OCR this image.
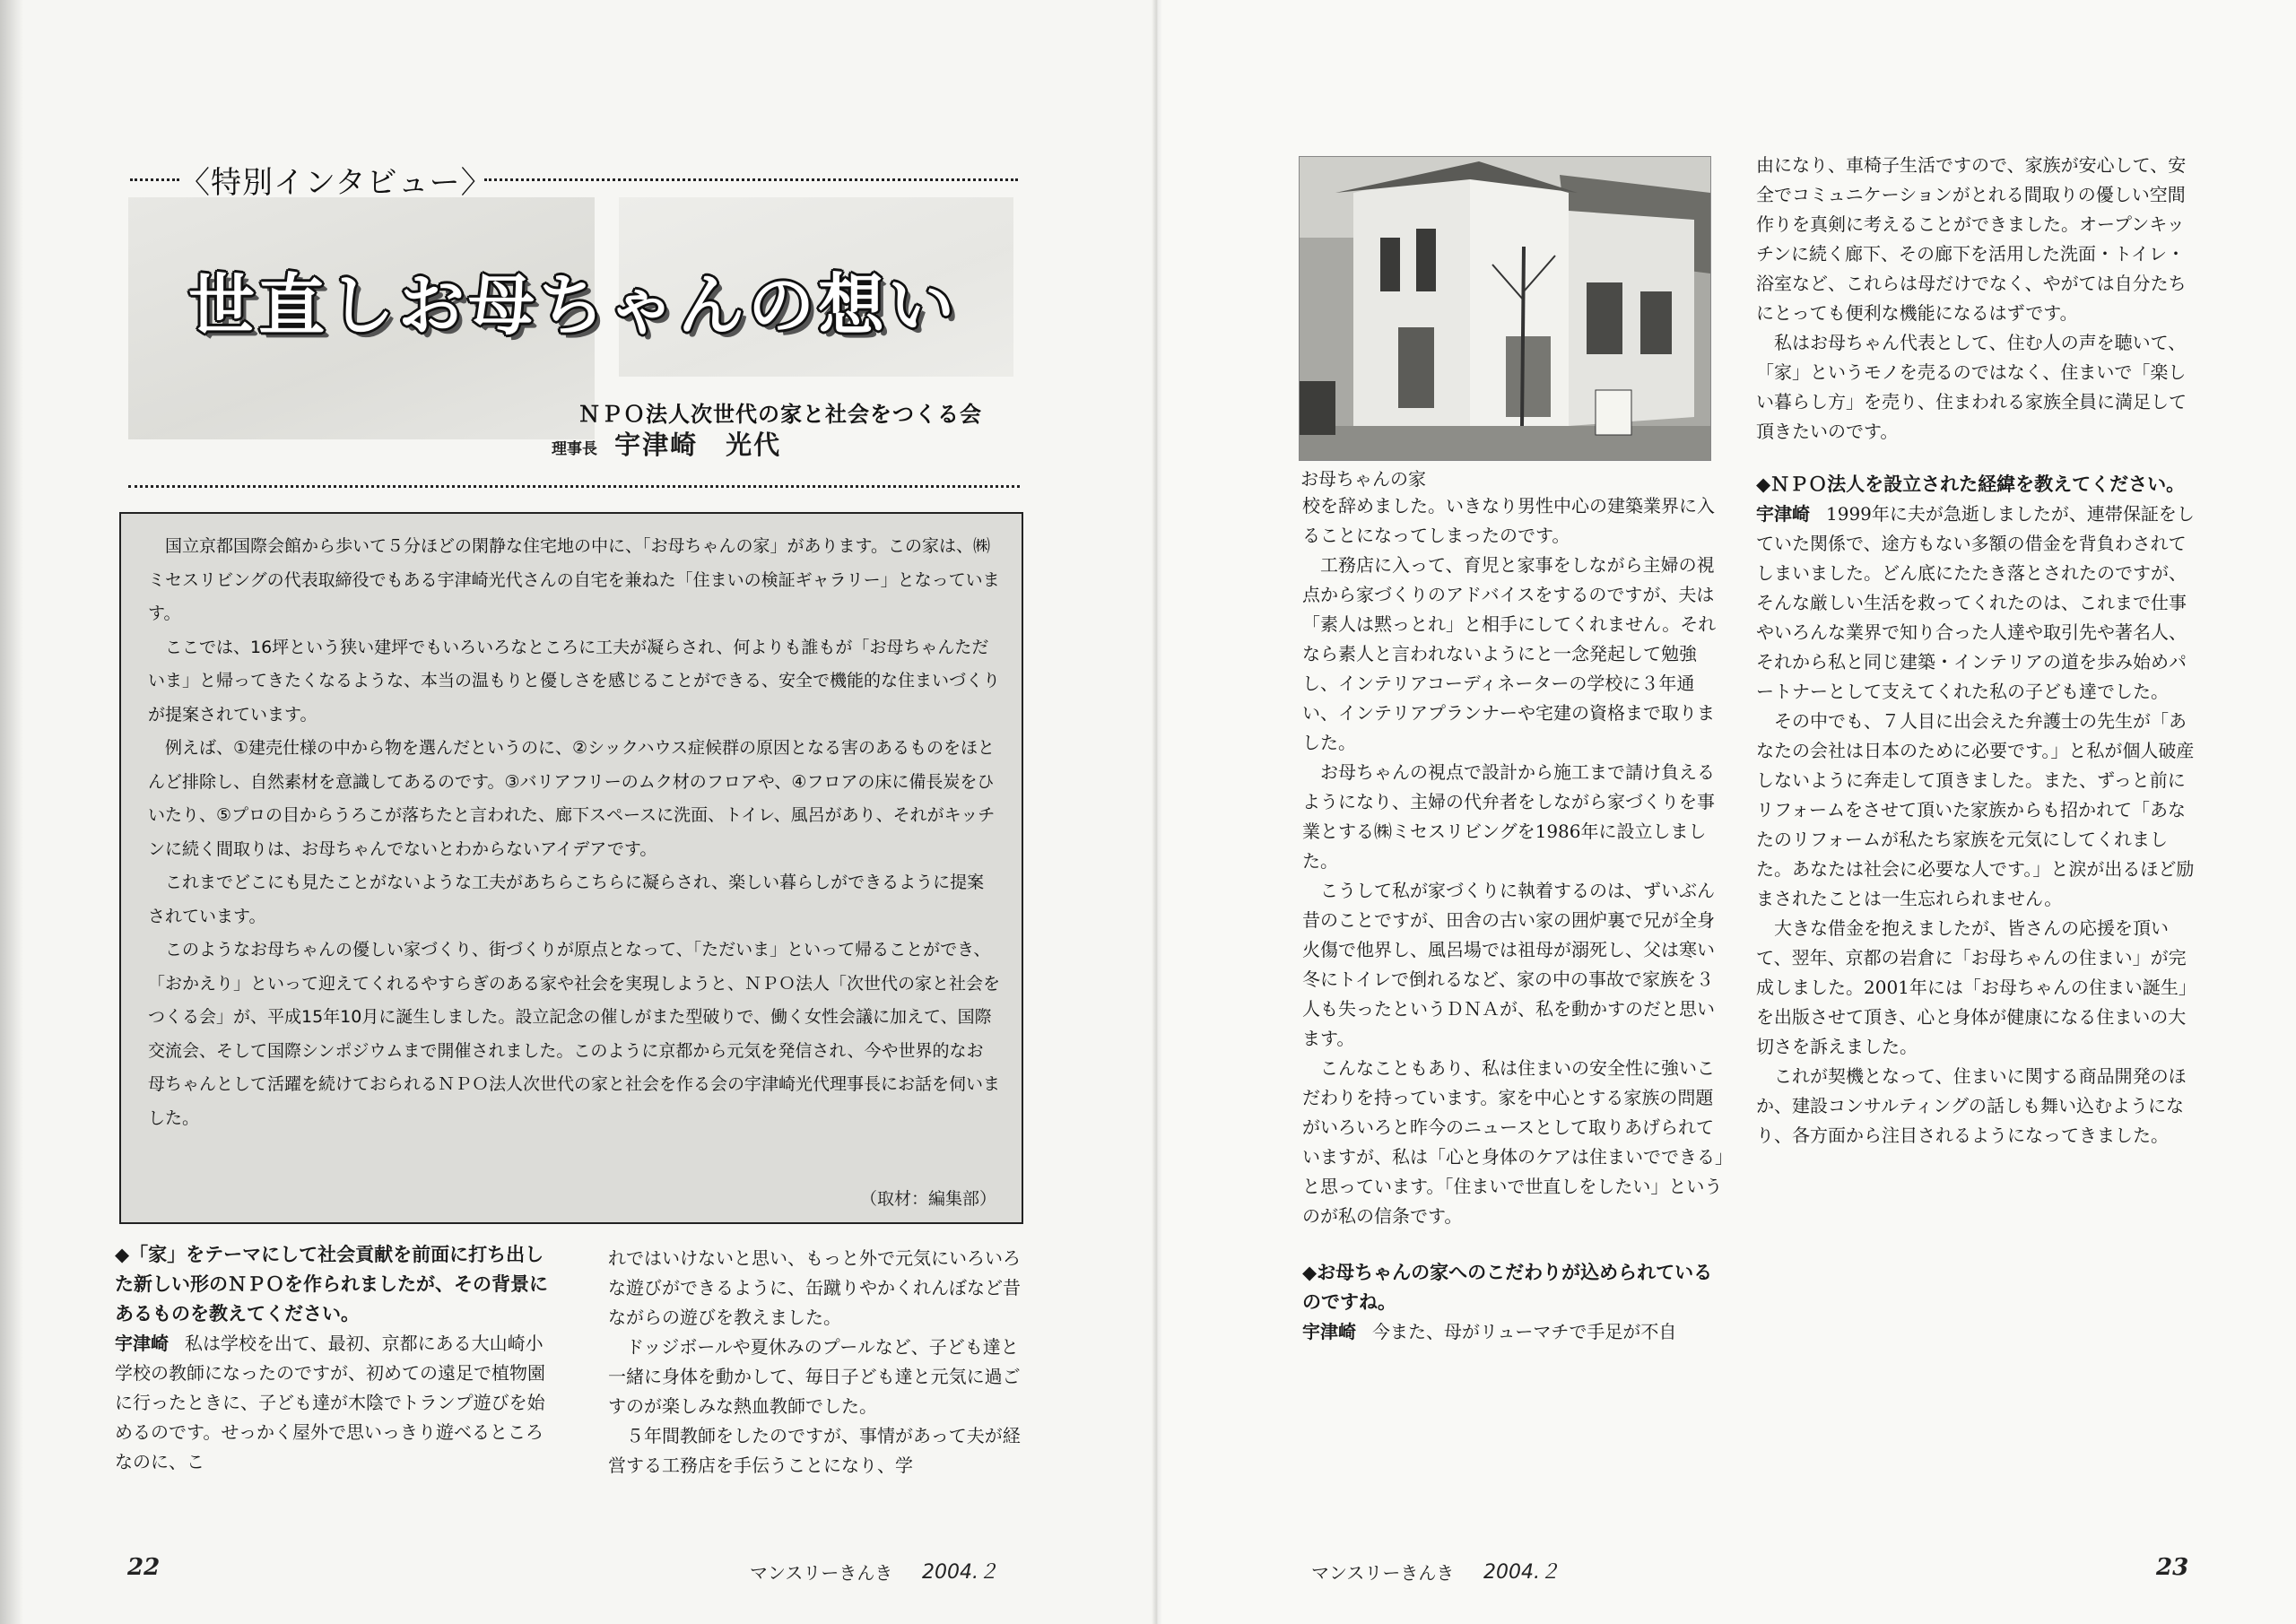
〈特別インタビュー〉
世直しお母ちゃんの想い
ＮＰＯ法人次世代の家と社会をつくる会
理事長 宇津崎　光代

国立京都国際会館から歩いて５分ほどの閑静な住宅地の中に、「お母ちゃんの家」があります。この家は、㈱ミセスリビングの代表取締役でもある宇津崎光代さんの自宅を兼ねた「住まいの検証ギャラリー」となっています。

ここでは、16坪という狭い建坪でもいろいろなところに工夫が凝らされ、何よりも誰もが「お母ちゃんただいま」と帰ってきたくなるような、本当の温もりと優しさを感じることができる、安全で機能的な住まいづくりが提案されています。

例えば、①建売仕様の中から物を選んだというのに、②シックハウス症候群の原因となる害のあるものをほとんど排除し、自然素材を意識してあるのです。③バリアフリーのムク材のフロアや、④フロアの床に備長炭をひいたり、⑤プロの目からうろこが落ちたと言われた、廊下スペースに洗面、トイレ、風呂があり、それがキッチンに続く間取りは、お母ちゃんでないとわからないアイデアです。

これまでどこにも見たことがないような工夫があちらこちらに凝らされ、楽しい暮らしができるように提案されています。

このようなお母ちゃんの優しい家づくり、街づくりが原点となって、「ただいま」といって帰ることができ、「おかえり」といって迎えてくれるやすらぎのある家や社会を実現しようと、ＮＰＯ法人「次世代の家と社会をつくる会」が、平成15年10月に誕生しました。設立記念の催しがまた型破りで、働く女性会議に加えて、国際交流会、そして国際シンポジウムまで開催されました。このように京都から元気を発信され、今や世界的なお母ちゃんとして活躍を続けておられるＮＰＯ法人次世代の家と社会を作る会の宇津崎光代理事長にお話を伺いました。

（取材：編集部）

◆「家」をテーマにして社会貢献を前面に打ち出した新しい形のＮＰＯを作られましたが、その背景にあるものを教えてください。

宇津崎 私は学校を出て、最初、京都にある大山崎小学校の教師になったのですが、初めての遠足で植物園に行ったときに、子ども達が木陰でトランプ遊びを始めるのです。せっかく屋外で思いっきり遊べるところなのに、こ

れではいけないと思い、もっと外で元気にいろいろな遊びができるように、缶蹴りやかくれんぼなど昔ながらの遊びを教えました。

ドッジボールや夏休みのプールなど、子ども達と一緒に身体を動かして、毎日子ども達と元気に過ごすのが楽しみな熱血教師でした。

５年間教師をしたのですが、事情があって夫が経営する工務店を手伝うことになり、学

22	マンスリーきんき 2004.２
お母ちゃんの家

校を辞めました。いきなり男性中心の建築業界に入ることになってしまったのです。

工務店に入って、育児と家事をしながら主婦の視点から家づくりのアドバイスをするのですが、夫は「素人は黙っとれ」と相手にしてくれません。それなら素人と言われないようにと一念発起して勉強し、インテリアコーディネーターの学校に３年通い、インテリアプランナーや宅建の資格まで取りました。

お母ちゃんの視点で設計から施工まで請け負えるようになり、主婦の代弁者をしながら家づくりを事業とする㈱ミセスリビングを1986年に設立しました。

こうして私が家づくりに執着するのは、ずいぶん昔のことですが、田舎の古い家の囲炉裏で兄が全身火傷で他界し、風呂場では祖母が溺死し、父は寒い冬にトイレで倒れるなど、家の中の事故で家族を３人も失ったというＤＮＡが、私を動かすのだと思います。

こんなこともあり、私は住まいの安全性に強いこだわりを持っています。家を中心とする家族の問題がいろいろと昨今のニュースとして取りあげられていますが、私は「心と身体のケアは住まいでできる」と思っています。「住まいで世直しをしたい」というのが私の信条です。

◆お母ちゃんの家へのこだわりが込められているのですね。

宇津崎 今また、母がリューマチで手足が不自

由になり、車椅子生活ですので、家族が安心して、安全でコミュニケーションがとれる間取りの優しい空間作りを真剣に考えることができました。オープンキッチンに続く廊下、その廊下を活用した洗面・トイレ・浴室など、これらは母だけでなく、やがては自分たちにとっても便利な機能になるはずです。

私はお母ちゃん代表として、住む人の声を聴いて、「家」というモノを売るのではなく、住まいで「楽しい暮らし方」を売り、住まわれる家族全員に満足して頂きたいのです。

◆ＮＰＯ法人を設立された経緯を教えてください。

宇津崎 1999年に夫が急逝しましたが、連帯保証をしていた関係で、途方もない多額の借金を背負わされてしまいました。どん底にたたき落とされたのですが、そんな厳しい生活を救ってくれたのは、これまで仕事やいろんな業界で知り合った人達や取引先や著名人、それから私と同じ建築・インテリアの道を歩み始めパートナーとして支えてくれた私の子ども達でした。

その中でも、７人目に出会えた弁護士の先生が「あなたの会社は日本のために必要です。」と私が個人破産しないように奔走して頂きました。また、ずっと前にリフォームをさせて頂いた家族からも招かれて「あなたのリフォームが私たち家族を元気にしてくれました。あなたは社会に必要な人です。」と涙が出るほど励まされたことは一生忘れられません。

大きな借金を抱えましたが、皆さんの応援を頂いて、翌年、京都の岩倉に「お母ちゃんの住まい」が完成しました。2001年には「お母ちゃんの住まい誕生」を出版させて頂き、心と身体が健康になる住まいの大切さを訴えました。

これが契機となって、住まいに関する商品開発のほか、建設コンサルティングの話しも舞い込むようになり、各方面から注目されるようになってきました。

マンスリーきんき 2004.２	23
